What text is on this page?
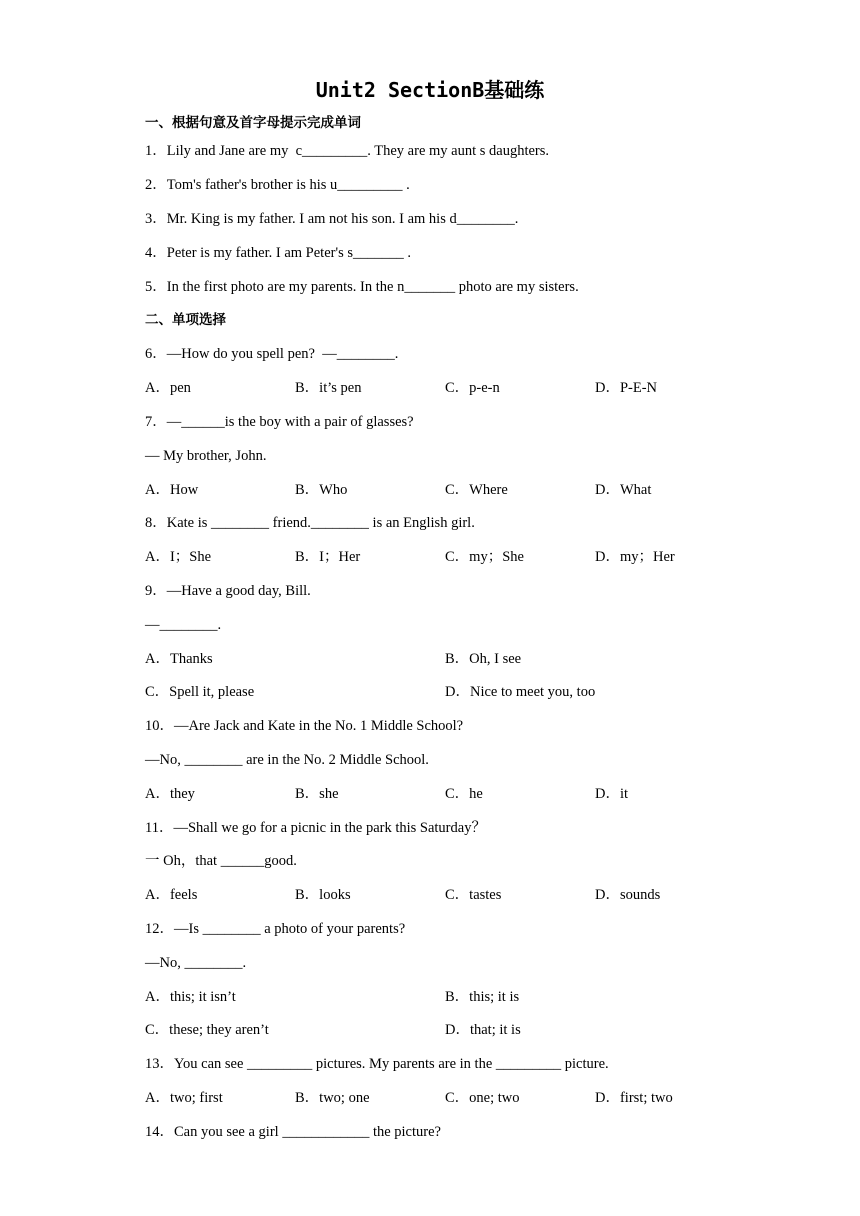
Unit2 SectionB基础练
一、根据句意及首字母提示完成单词
1．Lily and Jane are my  c_________. They are my aunt s daughters.
2．Tom's father's brother is his u_________ .
3．Mr. King is my father. I am not his son. I am his d________.
4．Peter is my father. I am Peter's s_______ .
5．In the first photo are my parents. In the n_______ photo are my sisters.
二、单项选择
6．—How do you spell pen?  —________.
A．pen	B．it’s pen	C．p-e-n	D．P-E-N
7．—______is the boy with a pair of glasses?
— My brother, John.
A．How	B．Who	C．Where	D．What
8．Kate is ________ friend.________ is an English girl.
A．I；She	B．I；Her	C．my；She	D．my；Her
9．—Have a good day, Bill.
—________.
A．Thanks	B．Oh, I see
C．Spell it, please	D．Nice to meet you, too
10．—Are Jack and Kate in the No. 1 Middle School?
—No, ________ are in the No. 2 Middle School.
A．they	B．she	C．he	D．it
11．—Shall we go for a picnic in the park this Saturday？
一 Oh，that ______good.
A．feels	B．looks	C．tastes	D．sounds
12．—Is ________ a photo of your parents?
—No, ________.
A．this; it isn’t	B．this; it is
C．these; they aren’t	D．that; it is
13．You can see _________ pictures. My parents are in the _________ picture.
A．two; first	B．two; one	C．one; two	D．first; two
14．Can you see a girl ____________ the picture?
